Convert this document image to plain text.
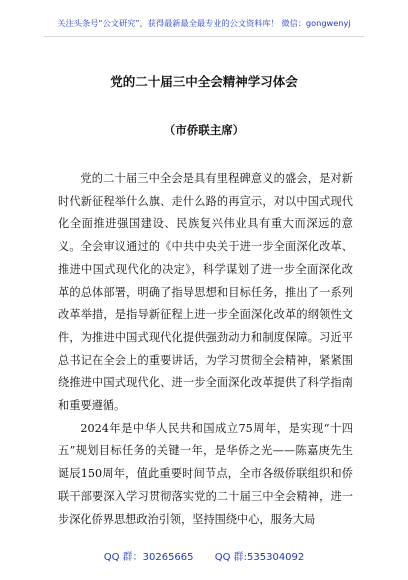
关注头条号“公文研究”，获得最新最全最专业的公文资料库！ 微信：gongwenyj
党的二十届三中全会精神学习体会
（市侨联主席）

党的二十届三中全会是具有里程碑意义的盛会，是对新时代新征程举什么旗、走什么路的再宣示，对以中国式现代化全面推进强国建设、民族复兴伟业具有重大而深远的意义。全会审议通过的《中共中央关于进一步全面深化改革、推进中国式现代化的决定》，科学谋划了进一步全面深化改革的总体部署，明确了指导思想和目标任务，推出了一系列改革举措，是指导新征程上进一步全面深化改革的纲领性文件，为推进中国式现代化提供强劲动力和制度保障。习近平总书记在全会上的重要讲话，为学习贯彻全会精神，紧紧围绕推进中国式现代化、进一步全面深化改革提供了科学指南和重要遵循。

2024年是中华人民共和国成立75周年，是实现“十四五”规划目标任务的关键一年，是华侨之光——陈嘉庚先生诞辰150周年，值此重要时间节点，全市各级侨联组织和侨联干部要深入学习贯彻落实党的二十届三中全会精神，进一步深化侨界思想政治引领，坚持围绕中心，服务大局

QQ 群：30265665 QQ 群:535304092
